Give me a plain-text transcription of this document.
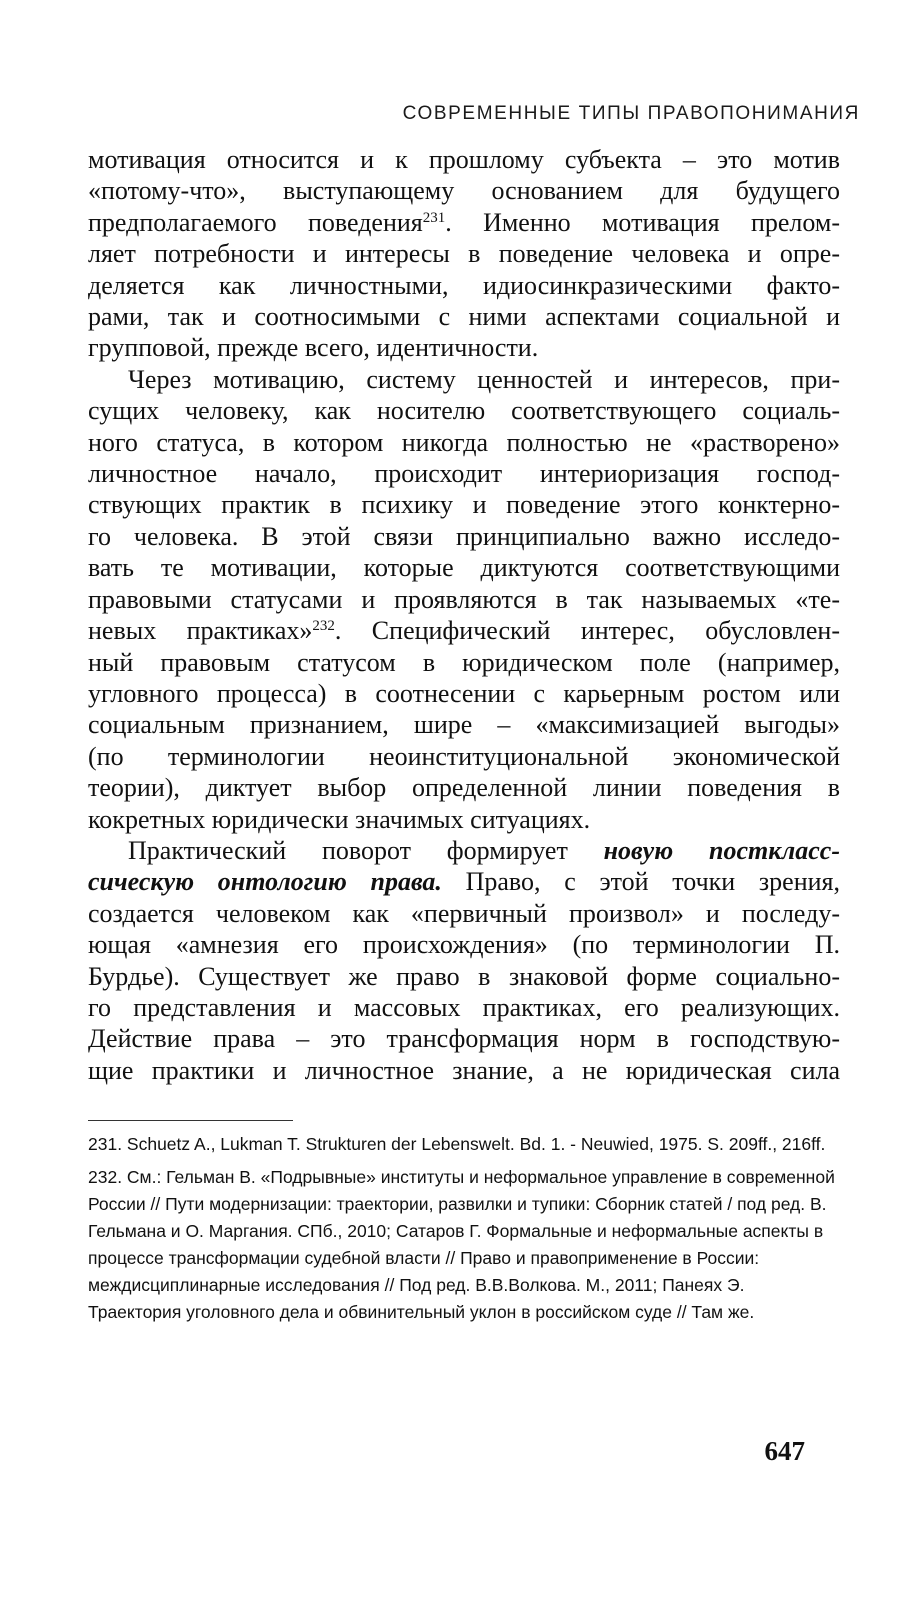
СОВРЕМЕННЫЕ ТИПЫ ПРАВОПОНИМАНИЯ

мотивация относится и к прошлому субъекта – это мотив
«потому-что», выступающему основанием для будущего
предполагаемого поведения$^{231}$. Именно мотивация прелом-
ляет потребности и интересы в поведение человека и опре-
деляется как личностными, идиосинкразическими факто-
рами, так и соотносимыми с ними аспектами социальной и
групповой, прежде всего, идентичности.

Через мотивацию, систему ценностей и интересов, при-
сущих человеку, как носителю соответствующего социаль-
ного статуса, в котором никогда полностью не «растворено»
личностное начало, происходит интериоризация господ-
ствующих практик в психику и поведение этого конктерно-
го человека. В этой связи принципиально важно исследо-
вать те мотивации, которые диктуются соответствующими
правовыми статусами и проявляются в так называемых «те-
невых практиках»$^{232}$. Специфический интерес, обусловлен-
ный правовым статусом в юридическом поле (например,
угловного процесса) в соотнесении с карьерным ростом или
социальным признанием, шире – «максимизацией выгоды»
(по терминологии неоинституциональной экономической
теории), диктует выбор определенной линии поведения в
кокретных юридически значимых ситуациях.

Практический поворот формирует новую посткласс-
сическую онтологию права. Право, с этой точки зрения,
создается человеком как «первичный произвол» и последу-
ющая «амнезия его происхождения» (по терминологии П.
Бурдье). Существует же право в знаковой форме социально-
го представления и массовых практиках, его реализующих.
Действие права – это трансформация норм в господствую-
щие практики и личностное знание, а не юридическая сила

231. Schuetz A., Lukman T. Strukturen der Lebenswelt. Bd. 1. - Neuwied, 1975. S. 209ff., 216ff.

232. См.: Гельман В. «Подрывные» институты и неформальное управление в современной России // Пути модернизации: траектории, развилки и тупики: Сборник статей / под ред. В. Гельмана и О. Маргания. СПб., 2010; Сатаров Г. Формальные и неформальные аспекты в процессе трансформации судебной власти // Право и правоприменение в России: междисциплинарные исследования // Под ред. В.В.Волкова. М., 2011; Панеях Э. Траектория уголовного дела и обвинительный уклон в российском суде // Там же.

647
